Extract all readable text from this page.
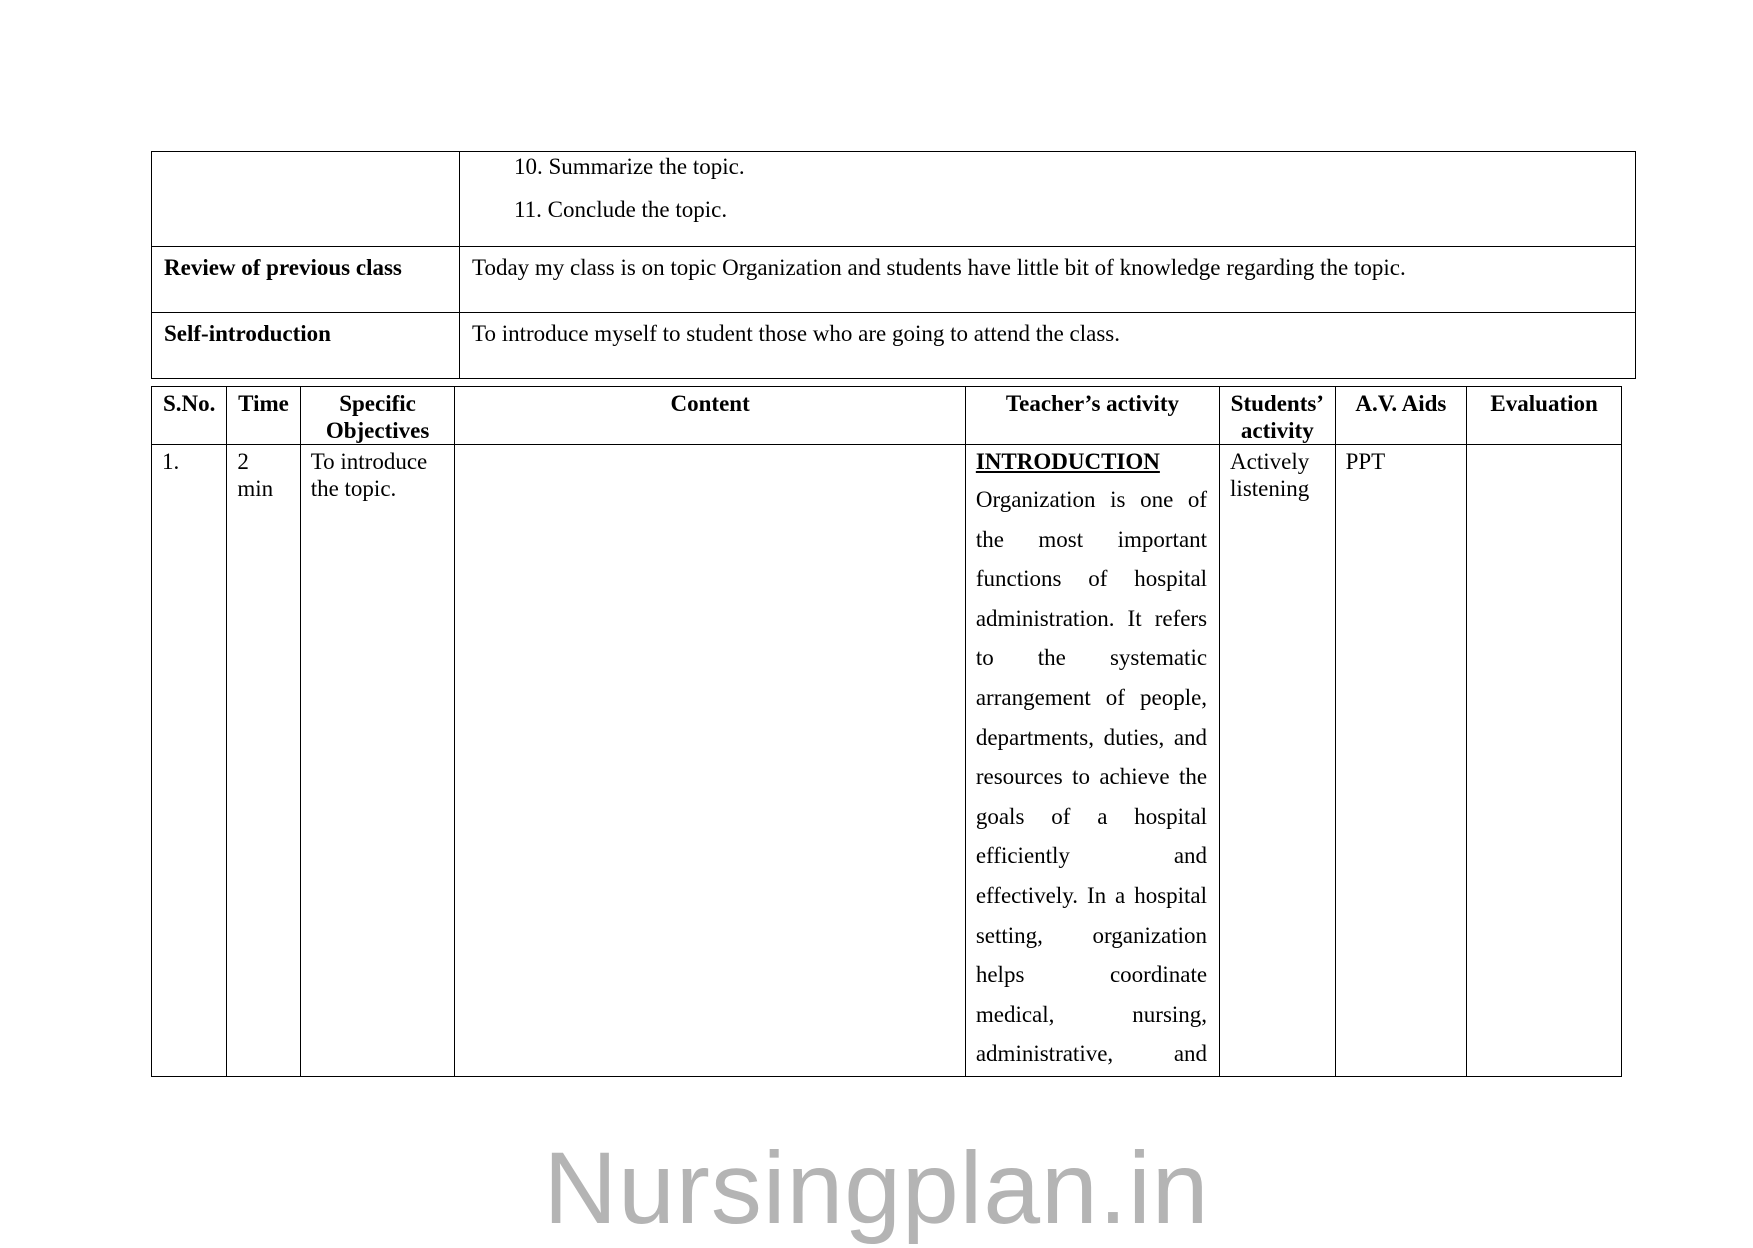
	10. Summarize the topic.
11. Conclude the topic.

Review of previous class	Today my class is on topic Organization and students have little bit of knowledge regarding the topic.
Self-introduction	To introduce myself to student those who are going to attend the class.
S.No.	Time	Specific Objectives	Content	Teacher’s activity	Students’ activity	A.V. Aids	Evaluation

1.	2 min	To introduce the topic.		INTRODUCTION
Organization is one of the most important functions of hospital administration. It refers to the systematic arrangement of people, departments, duties, and resources to achieve the goals of a hospital efficiently and effectively. In a hospital setting, organization helps coordinate medical, nursing, administrative, and	Actively listening	PPT	

Nursingplan.in
